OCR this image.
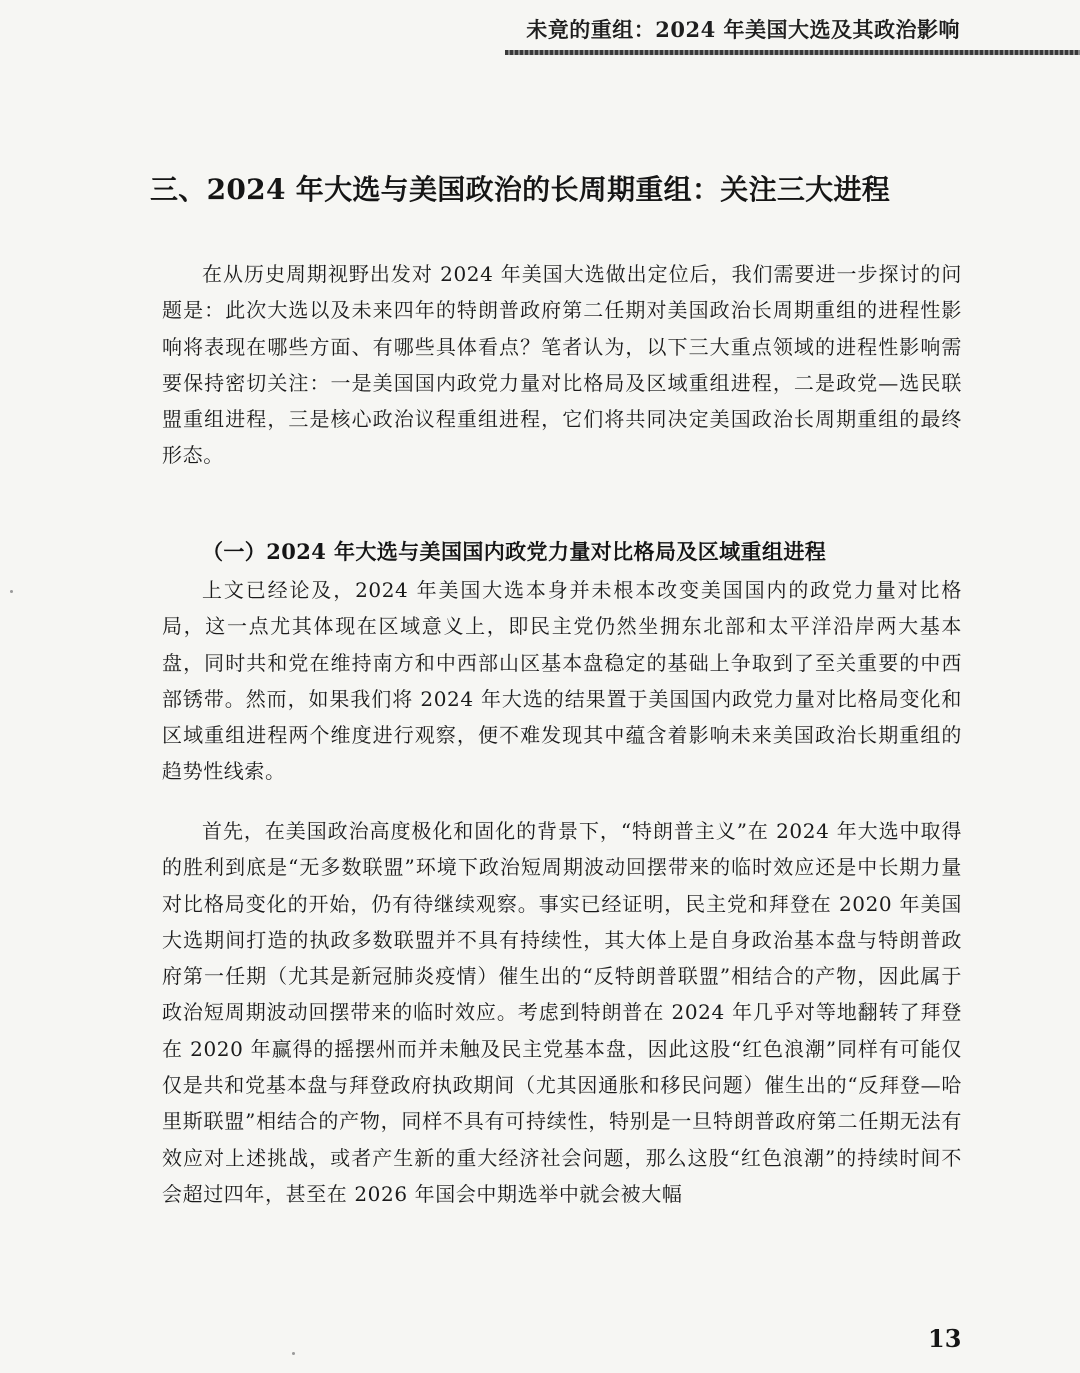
未竟的重组：2024 年美国大选及其政治影响
三、2024 年大选与美国政治的长周期重组：关注三大进程

在从历史周期视野出发对 2024 年美国大选做出定位后，我们需要进一步探讨的问题是：此次大选以及未来四年的特朗普政府第二任期对美国政治长周期重组的进程性影响将表现在哪些方面、有哪些具体看点？笔者认为，以下三大重点领域的进程性影响需要保持密切关注：一是美国国内政党力量对比格局及区域重组进程，二是政党—选民联盟重组进程，三是核心政治议程重组进程，它们将共同决定美国政治长周期重组的最终形态。

（一）2024 年大选与美国国内政党力量对比格局及区域重组进程

上文已经论及，2024 年美国大选本身并未根本改变美国国内的政党力量对比格局，这一点尤其体现在区域意义上，即民主党仍然坐拥东北部和太平洋沿岸两大基本盘，同时共和党在维持南方和中西部山区基本盘稳定的基础上争取到了至关重要的中西部锈带。然而，如果我们将 2024 年大选的结果置于美国国内政党力量对比格局变化和区域重组进程两个维度进行观察，便不难发现其中蕴含着影响未来美国政治长期重组的趋势性线索。

首先，在美国政治高度极化和固化的背景下，“特朗普主义”在 2024 年大选中取得的胜利到底是“无多数联盟”环境下政治短周期波动回摆带来的临时效应还是中长期力量对比格局变化的开始，仍有待继续观察。事实已经证明，民主党和拜登在 2020 年美国大选期间打造的执政多数联盟并不具有持续性，其大体上是自身政治基本盘与特朗普政府第一任期（尤其是新冠肺炎疫情）催生出的“反特朗普联盟”相结合的产物，因此属于政治短周期波动回摆带来的临时效应。考虑到特朗普在 2024 年几乎对等地翻转了拜登在 2020 年赢得的摇摆州而并未触及民主党基本盘，因此这股“红色浪潮”同样有可能仅仅是共和党基本盘与拜登政府执政期间（尤其因通胀和移民问题）催生出的“反拜登—哈里斯联盟”相结合的产物，同样不具有可持续性，特别是一旦特朗普政府第二任期无法有效应对上述挑战，或者产生新的重大经济社会问题，那么这股“红色浪潮”的持续时间不会超过四年，甚至在 2026 年国会中期选举中就会被大幅

13
